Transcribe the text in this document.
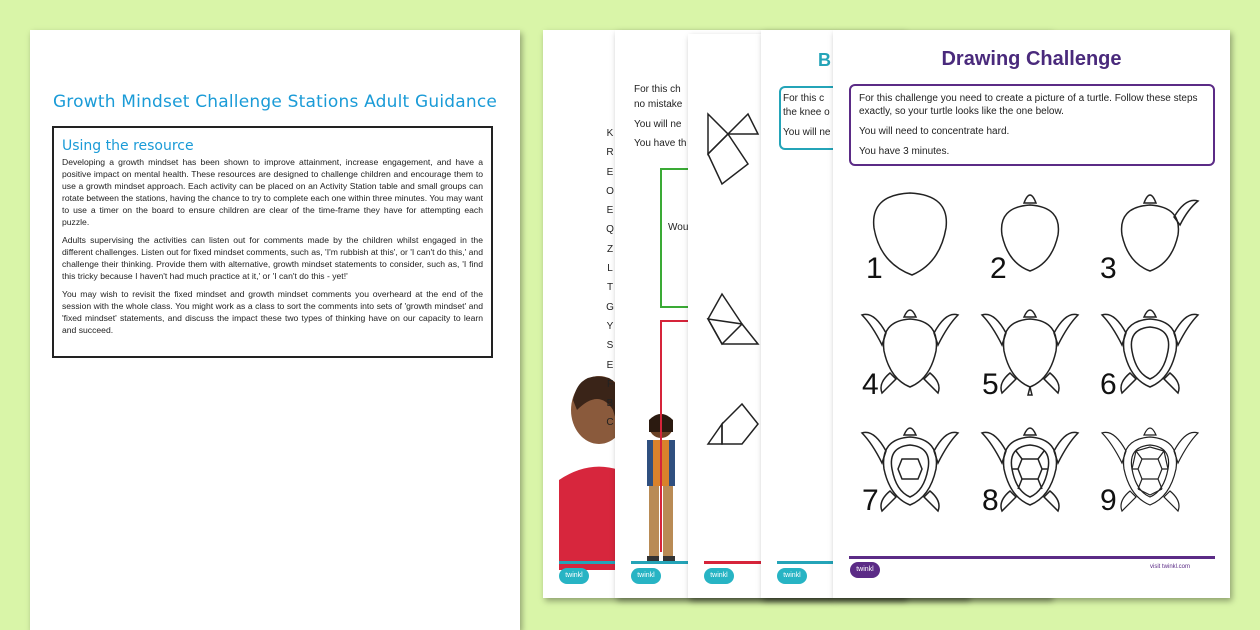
Growth Mindset Challenge Stations Adult Guidance
Using the resource

Developing a growth mindset has been shown to improve attainment, increase engagement, and have a positive impact on mental health. These resources are designed to challenge children and encourage them to use a growth mindset approach. Each activity can be placed on an Activity Station table and small groups can rotate between the stations, having the chance to try to complete each one within three minutes. You may want to use a timer on the board to ensure children are clear of the time-frame they have for attempting each puzzle.

Adults supervising the activities can listen out for comments made by the children whilst engaged in the different challenges. Listen out for fixed mindset comments, such as, 'I'm rubbish at this', or 'I can't do this,' and challenge their thinking. Provide them with alternative, growth mindset statements to consider, such as, 'I find this tricky because I haven't had much practice at it,' or 'I can't do this - yet!'

You may wish to revisit the fixed mindset and growth mindset comments you overheard at the end of the session with the whole class. You might work as a class to sort the comments into sets of 'growth mindset' and 'fixed mindset' statements, and discuss the impact these two types of thinking have on our capacity to learn and succeed.

twinkl	twinkl
K
R
E
O
E
Q
Z
L
T
G
Y
S
E
F
B
C
For this ch
no mistake
You will ne
You have th
Wou
twinkl	twinkl
B
For this c
the knee o
You will ne
Drawing Challenge

For this challenge you need to create a picture of a turtle. Follow these steps exactly, so your turtle looks like the one below.

You will need to concentrate hard.

You have 3 minutes.

1	2	3
4	5	6
7	8	9
twinkl	visit twinkl.com
